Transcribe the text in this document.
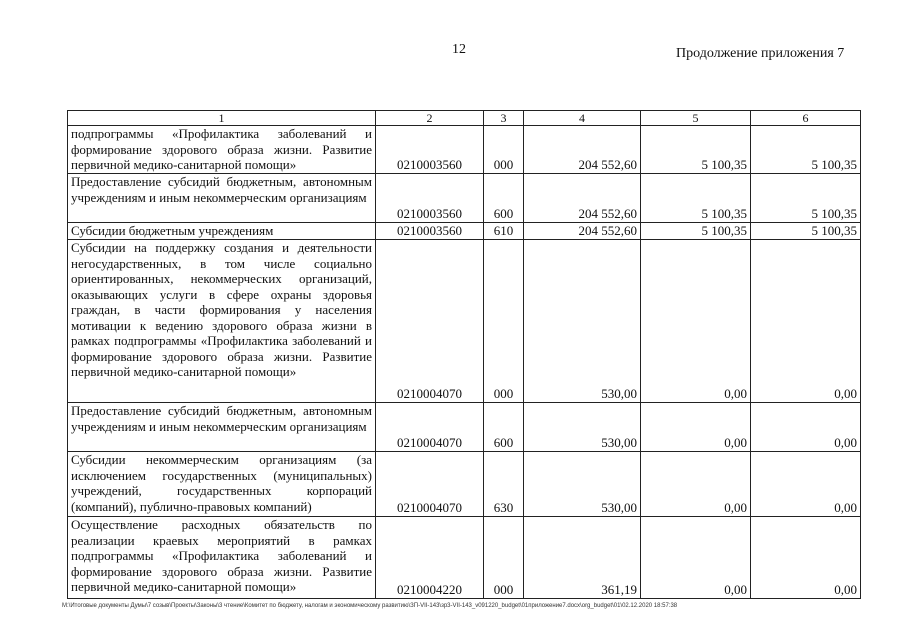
12	Продолжение приложения 7
1	2	3	4	5	6
подпрограммы «Профилактика заболеваний и формирование здорового образа жизни. Развитие первичной медико-санитарной помощи»	0210003560	000	204 552,60	5 100,35	5 100,35
Предоставление субсидий бюджетным, автономным учреждениям и иным некоммерческим организациям	0210003560	600	204 552,60	5 100,35	5 100,35
Субсидии бюджетным учреждениям	0210003560	610	204 552,60	5 100,35	5 100,35
Субсидии на поддержку создания и деятельности негосударственных, в том числе социально ориентированных, некоммерческих организаций, оказывающих услуги в сфере охраны здоровья граждан, в части формирования у населения мотивации к ведению здорового образа жизни в рамках подпрограммы «Профилактика заболеваний и формирование здорового образа жизни. Развитие первичной медико-санитарной помощи»	0210004070	000	530,00	0,00	0,00
Предоставление субсидий бюджетным, автономным учреждениям и иным некоммерческим организациям	0210004070	600	530,00	0,00	0,00
Субсидии некоммерческим организациям (за исключением государственных (муниципальных) учреждений, государственных корпораций (компаний), публично-правовых компаний)	0210004070	630	530,00	0,00	0,00
Осуществление расходных обязательств по реализации краевых мероприятий в рамках подпрограммы «Профилактика заболеваний и формирование здорового образа жизни. Развитие первичной медико-санитарной помощи»	0210004220	000	361,19	0,00	0,00
M:\Итоговые документы Думы\7 созыв\Проекты\Законы\3 чтение\Комитет по бюджету, налогам и экономическому развитию\ЗП-VII-143\зр3-VII-143_v091220_budget\01приложение7.docx\org_budget\01\02.12.2020 18:57:38
